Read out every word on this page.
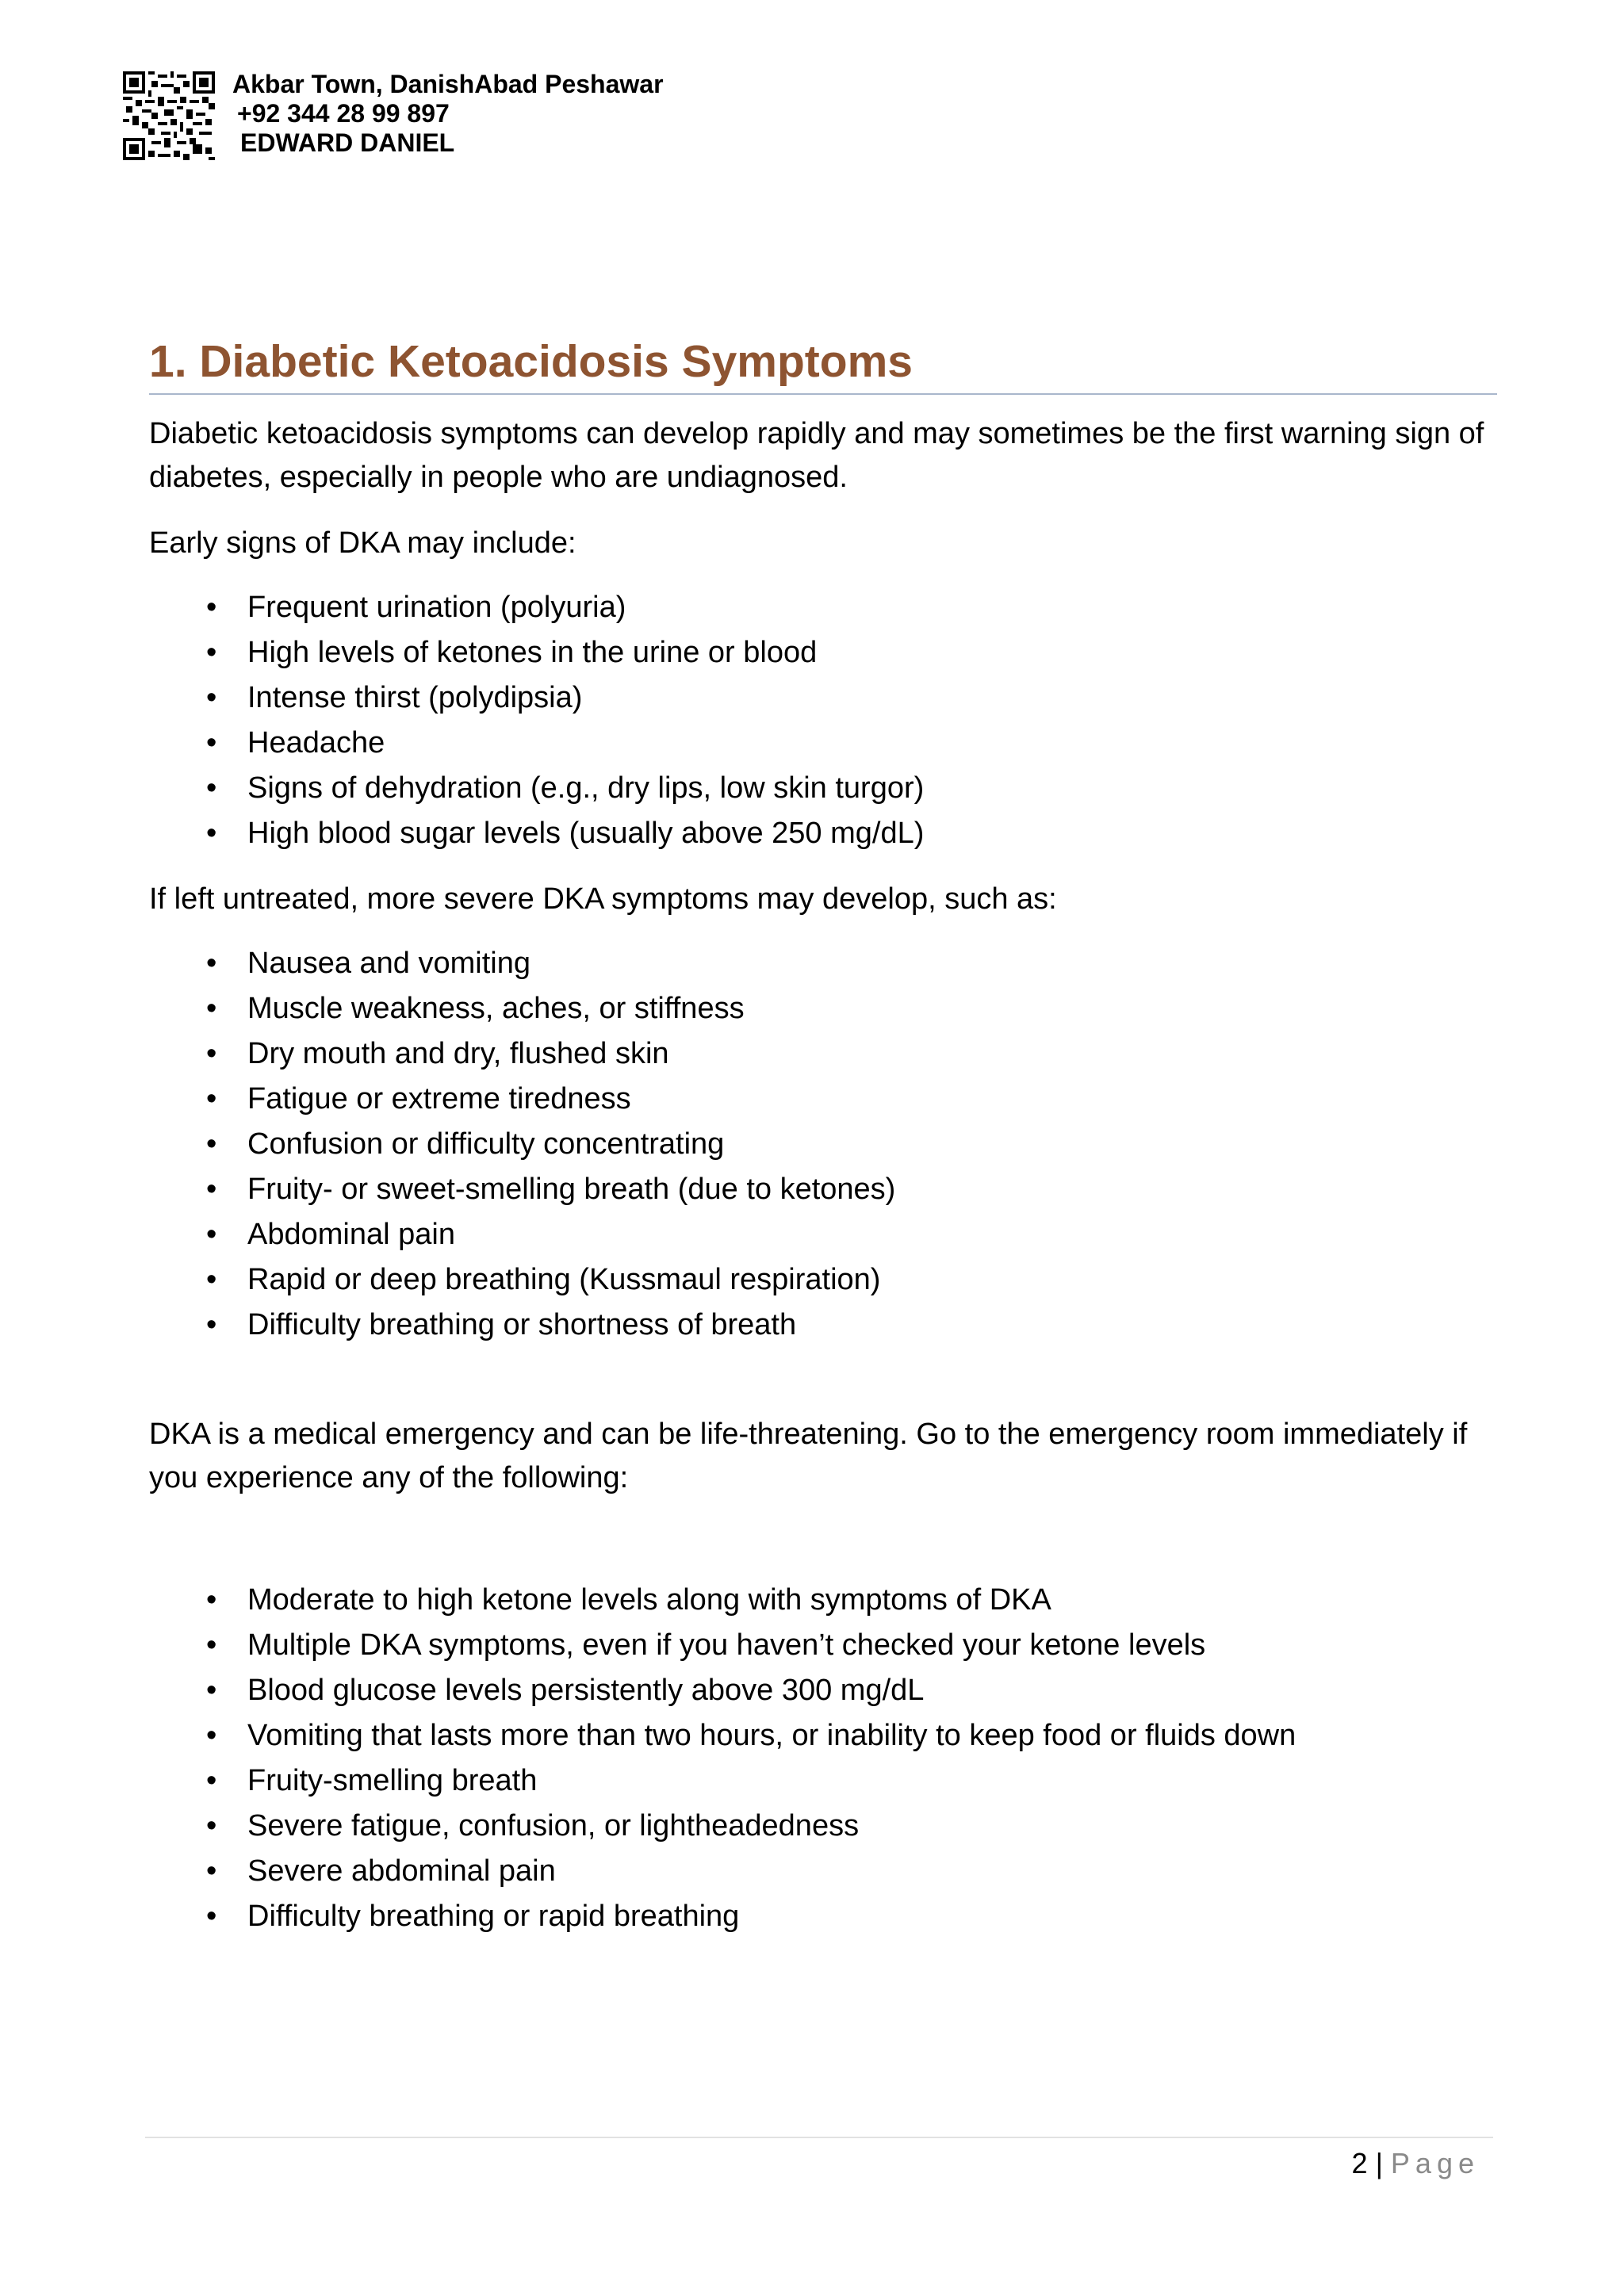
Akbar Town, DanishAbad Peshawar
+92 344 28 99 897
EDWARD DANIEL
1. Diabetic Ketoacidosis Symptoms

Diabetic ketoacidosis symptoms can develop rapidly and may sometimes be the first warning sign of diabetes, especially in people who are undiagnosed.

Early signs of DKA may include:

• Frequent urination (polyuria)
• High levels of ketones in the urine or blood
• Intense thirst (polydipsia)
• Headache
• Signs of dehydration (e.g., dry lips, low skin turgor)
• High blood sugar levels (usually above 250 mg/dL)

If left untreated, more severe DKA symptoms may develop, such as:

• Nausea and vomiting
• Muscle weakness, aches, or stiffness
• Dry mouth and dry, flushed skin
• Fatigue or extreme tiredness
• Confusion or difficulty concentrating
• Fruity- or sweet-smelling breath (due to ketones)
• Abdominal pain
• Rapid or deep breathing (Kussmaul respiration)
• Difficulty breathing or shortness of breath

DKA is a medical emergency and can be life-threatening. Go to the emergency room immediately if you experience any of the following:

• Moderate to high ketone levels along with symptoms of DKA
• Multiple DKA symptoms, even if you haven’t checked your ketone levels
• Blood glucose levels persistently above 300 mg/dL
• Vomiting that lasts more than two hours, or inability to keep food or fluids down
• Fruity-smelling breath
• Severe fatigue, confusion, or lightheadedness
• Severe abdominal pain
• Difficulty breathing or rapid breathing
2 | Page
